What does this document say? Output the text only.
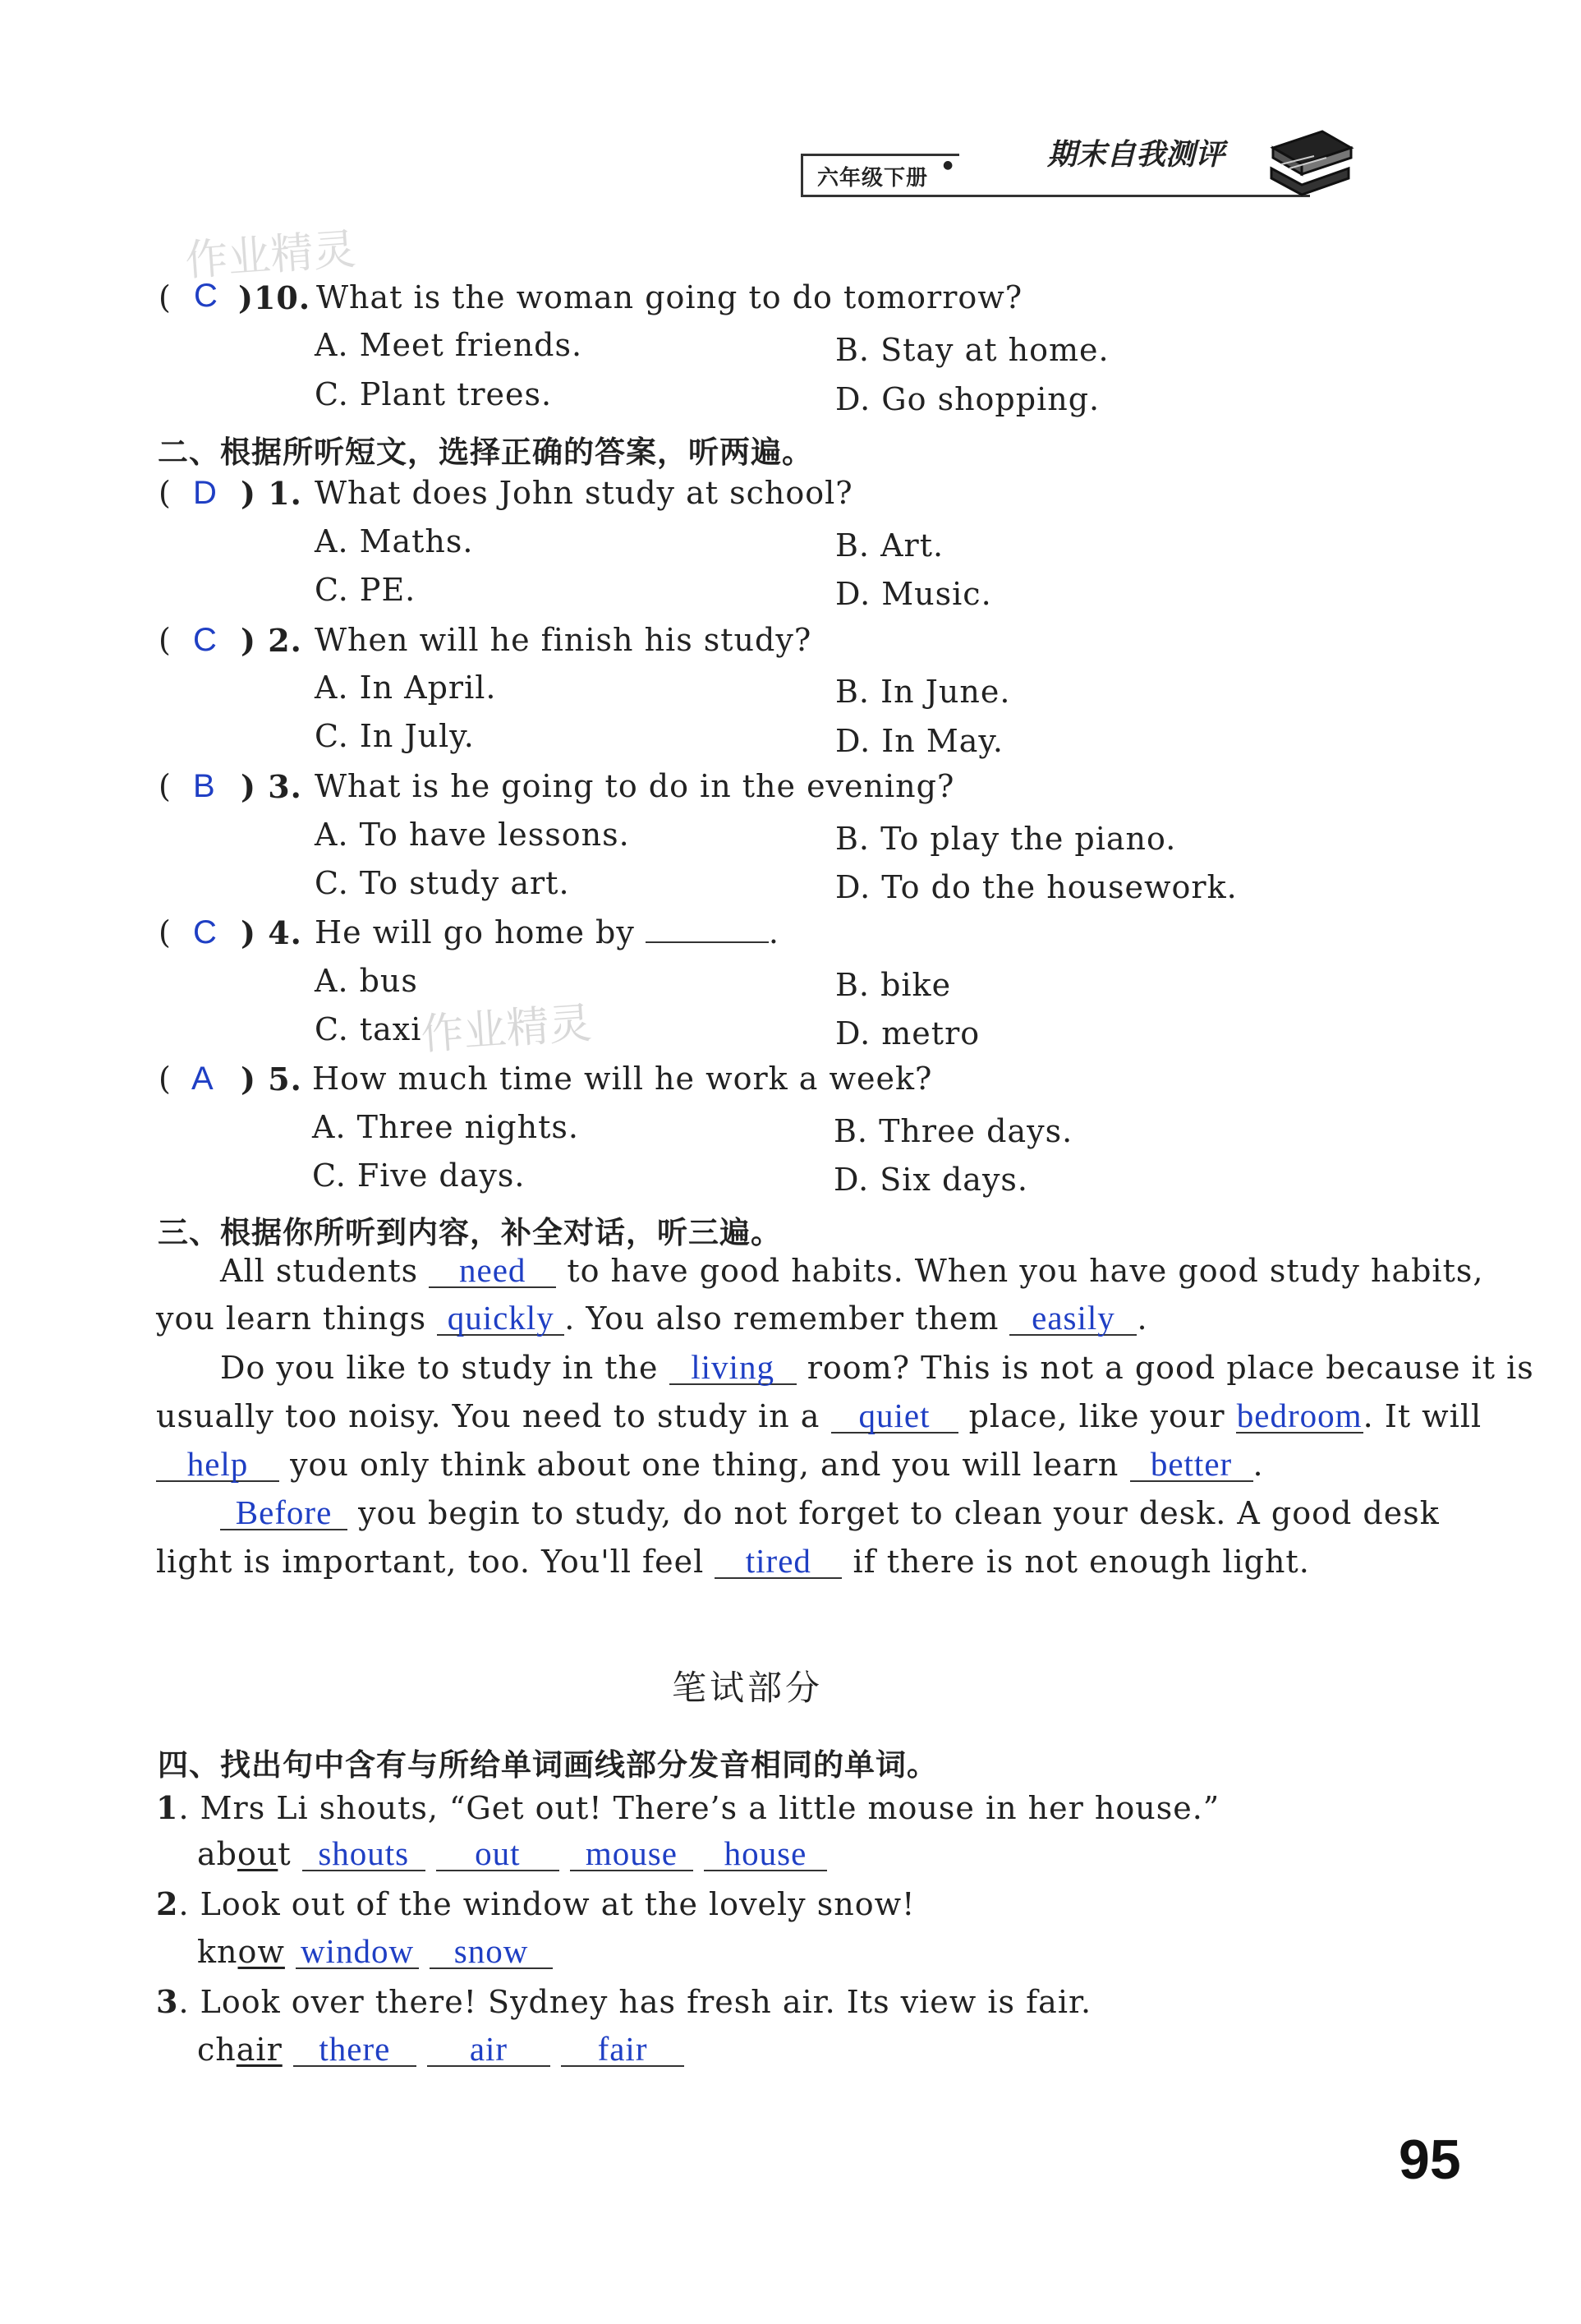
六年级下册
●	期末自我测评
作业精灵
作业精灵
( C )10. What is the woman going to do tomorrow?
A. Meet friends.	B. Stay at home.
C. Plant trees.	D. Go shopping.
二、根据所听短文，选择正确的答案，听两遍。
( D ) 1. What does John study at school?
A. Maths.	B. Art.
C. PE.	D. Music.
( C ) 2. When will he finish his study?
A. In April.	B. In June.
C. In July.	D. In May.
( B ) 3. What is he going to do in the evening?
A. To have lessons.	B. To play the piano.
C. To study art.	D. To do the housework.
( C ) 4. He will go home by	.
A. bus	B. bike
C. taxi	D. metro
( A ) 5. How much time will he work a week?
A. Three nights.	B. Three days.
C. Five days.	D. Six days.
三、根据你所听到内容，补全对话，听三遍。
All students need to have good habits. When you have good study habits,
you learn things quickly . You also remember them easily .
Do you like to study in the living room? This is not a good place because it is
usually too noisy. You need to study in a quiet place, like your bedroom. It will
help you only think about one thing, and you will learn better .
Before you begin to study, do not forget to clean your desk. A good desk
light is important, too. You'll feel tired if there is not enough light.
笔试部分
四、找出句中含有与所给单词画线部分发音相同的单词。
1. Mrs Li shouts, “Get out! There’s a little mouse in her house.”
about shouts out mouse house
2. Look out of the window at the lovely snow!
know window snow
3. Look over there! Sydney has fresh air. Its view is fair.
chair there air	fair
95
